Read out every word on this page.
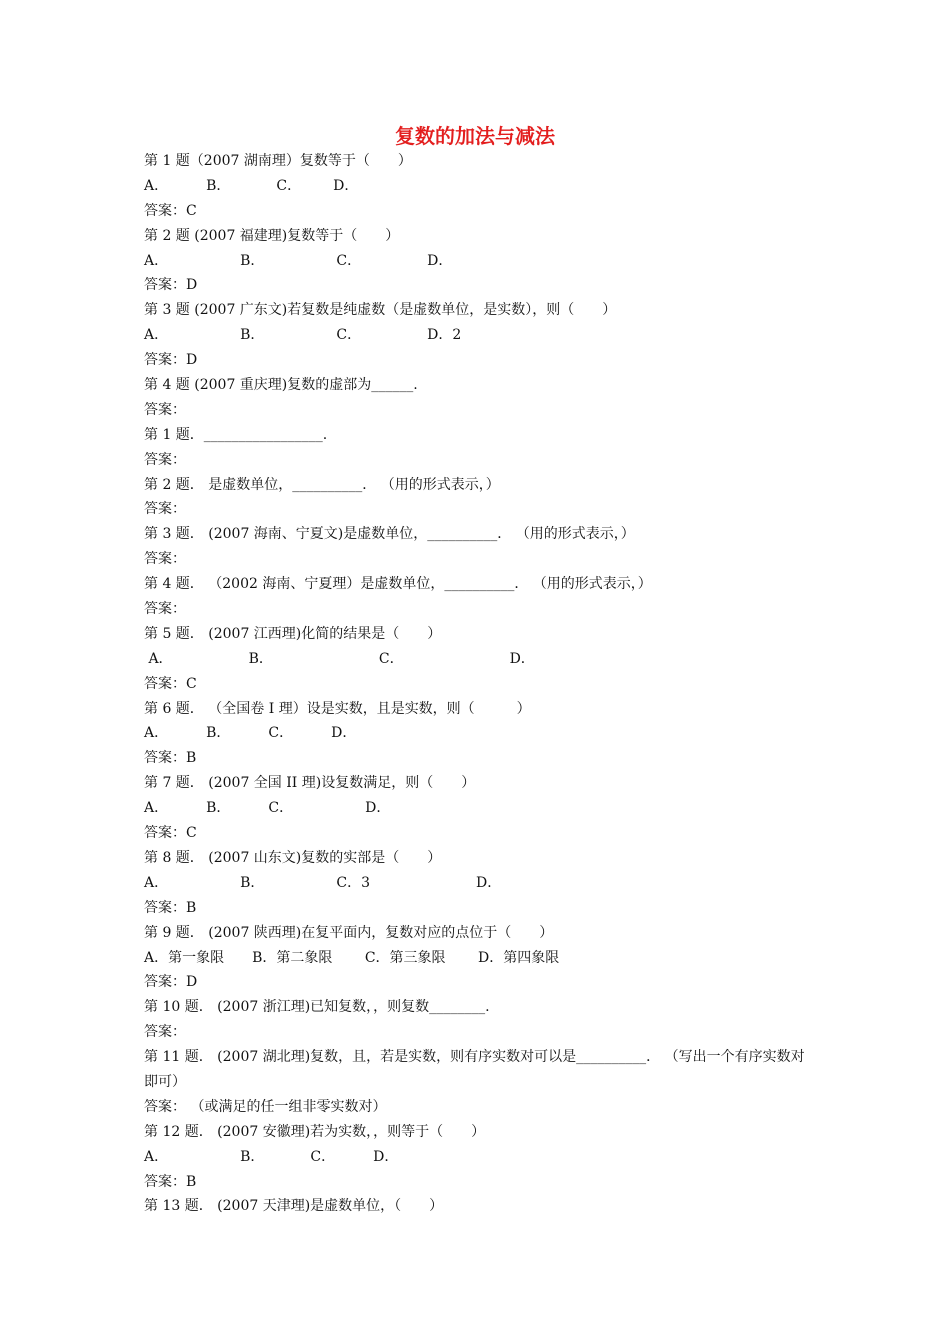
复数的加法与减法
第 1 题（2007 湖南理）复数等于（　　）
A．	B．	C． D．
答案：C
第 2 题 (2007 福建理)复数等于（　　）
A．	B．	C．	D．
答案：D
第 3 题 (2007 广东文)若复数是纯虚数（是虚数单位，是实数），则（　　）
A．	B．	C．	D．2
答案：D
第 4 题 (2007 重庆理)复数的虚部为______.
答案：
第 1 题．_________________.
答案：
第 2 题． 是虚数单位，__________． （用的形式表示，）
答案：
第 3 题． (2007 海南、宁夏文)是虚数单位，__________． （用的形式表示，）
答案：
第 4 题． （2002 海南、宁夏理）是虚数单位，__________． （用的形式表示，）
答案：
第 5 题． (2007 江西理)化简的结果是（　　）
A．	B．	C．	D．
答案：C
第 6 题． （全国卷 I 理）设是实数，且是实数，则（　　　）
A．	B．	C．	D．
答案：B
第 7 题． (2007 全国 II 理)设复数满足，则（　　）
A．	B．	C．	D．
答案：C
第 8 题． (2007 山东文)复数的实部是（　　）
A．	B．	C．3	D．
答案：B
第 9 题． (2007 陕西理)在复平面内，复数对应的点位于（　　）
A．第一象限　　B．第二象限　　 C．第三象限　　 D．第四象限
答案：D
第 10 题． (2007 浙江理)已知复数，，则复数________.
答案：
第 11 题． (2007 湖北理)复数，且，若是实数，则有序实数对可以是__________． （写出一个有序实数对即可）
答案： （或满足的任一组非零实数对）
第 12 题． (2007 安徽理)若为实数，，则等于（　　）
A．	B．	C．	D．
答案：B
第 13 题． (2007 天津理)是虚数单位，（　　）
